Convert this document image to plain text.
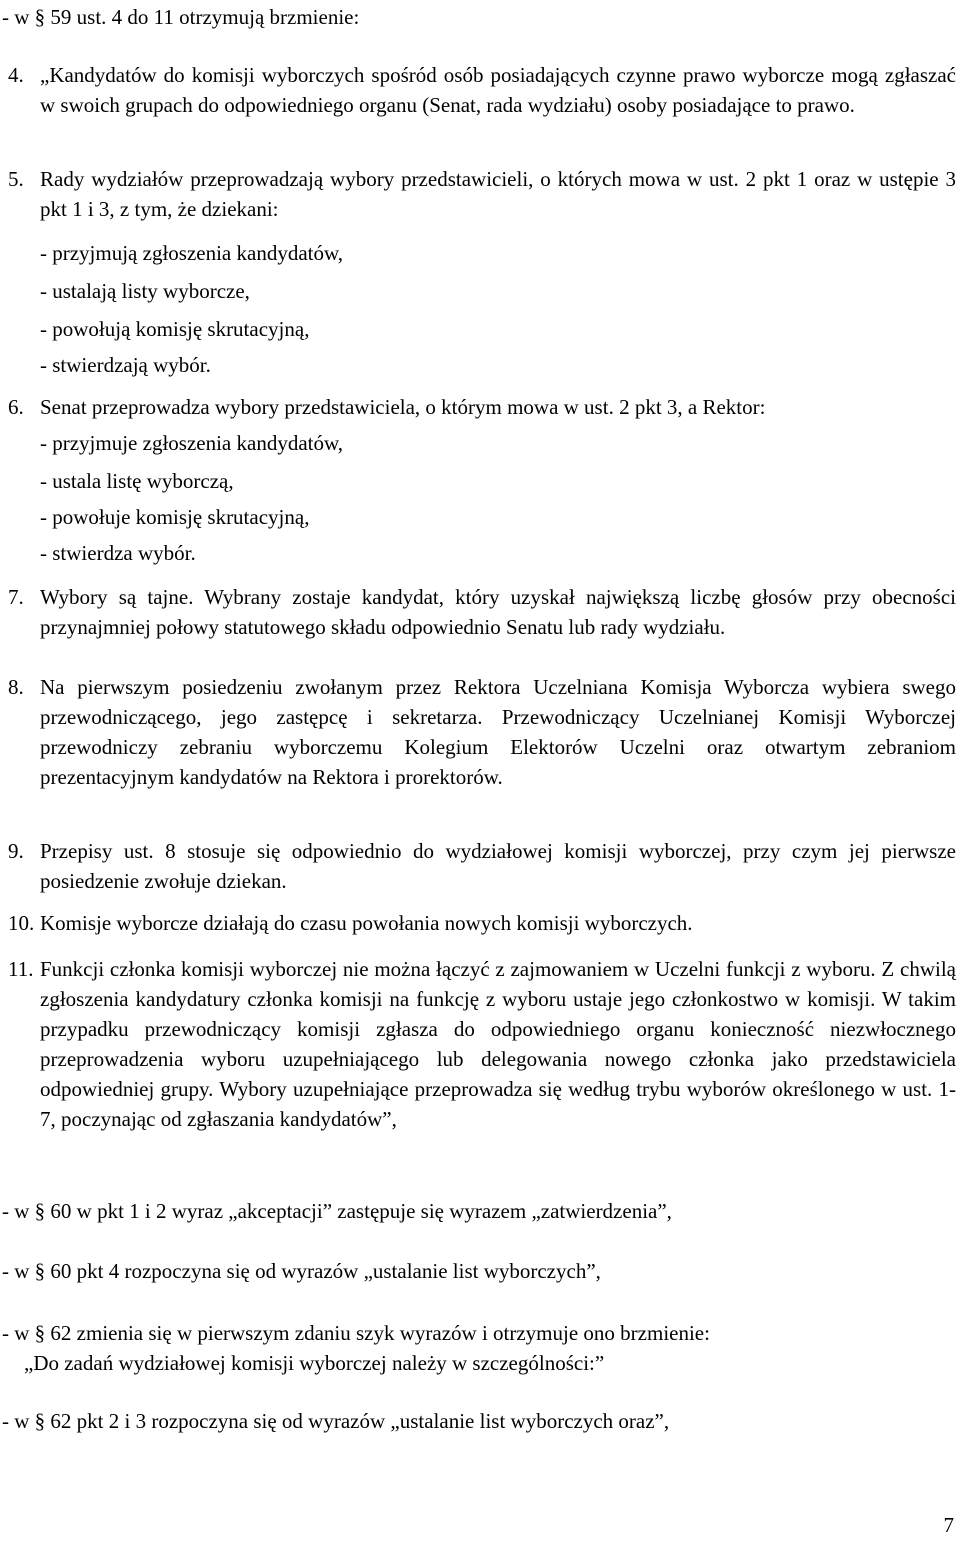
- w § 59 ust. 4 do 11 otrzymują brzmienie:
4. „Kandydatów do komisji wyborczych spośród osób posiadających czynne prawo wyborcze mogą zgłaszać w swoich grupach do odpowiedniego organu (Senat, rada wydziału) osoby posiadające to prawo.
5. Rady wydziałów przeprowadzają wybory przedstawicieli, o których mowa w ust. 2 pkt 1 oraz w ustępie 3 pkt 1 i 3, z tym, że dziekani:
- przyjmują zgłoszenia kandydatów,
- ustalają listy wyborcze,
- powołują komisję skrutacyjną,
- stwierdzają wybór.
6. Senat przeprowadza wybory przedstawiciela, o którym mowa w ust. 2 pkt 3, a Rektor:
- przyjmuje zgłoszenia kandydatów,
- ustala listę wyborczą,
- powołuje komisję skrutacyjną,
- stwierdza wybór.
7. Wybory są tajne. Wybrany zostaje kandydat, który uzyskał największą liczbę głosów przy obecności przynajmniej połowy statutowego składu odpowiednio Senatu lub rady wydziału.
8. Na pierwszym posiedzeniu zwołanym przez Rektora Uczelniana Komisja Wyborcza wybiera swego przewodniczącego, jego zastępcę i sekretarza. Przewodniczący Uczelnianej Komisji Wyborczej przewodniczy zebraniu wyborczemu Kolegium Elektorów Uczelni oraz otwartym zebraniom prezentacyjnym kandydatów na Rektora i prorektorów.
9. Przepisy ust. 8 stosuje się odpowiednio do wydziałowej komisji wyborczej, przy czym jej pierwsze posiedzenie zwołuje dziekan.
10. Komisje wyborcze działają do czasu powołania nowych komisji wyborczych.
11. Funkcji członka komisji wyborczej nie można łączyć z zajmowaniem w Uczelni funkcji z wyboru. Z chwilą zgłoszenia kandydatury członka komisji na funkcję z wyboru ustaje jego członkostwo w komisji. W takim przypadku przewodniczący komisji zgłasza do odpowiedniego organu konieczność niezwłocznego przeprowadzenia wyboru uzupełniającego lub delegowania nowego członka jako przedstawiciela odpowiedniej grupy. Wybory uzupełniające przeprowadza się według trybu wyborów określonego w ust. 1-7, poczynając od zgłaszania kandydatów”,
- w § 60 w pkt 1 i 2 wyraz „akceptacji” zastępuje się wyrazem „zatwierdzenia”,
- w § 60 pkt 4 rozpoczyna się od wyrazów „ustalanie list wyborczych”,
- w § 62 zmienia się w pierwszym zdaniu szyk wyrazów i otrzymuje ono brzmienie:
„Do zadań wydziałowej komisji wyborczej należy w szczególności:”
- w § 62 pkt 2 i 3 rozpoczyna się od wyrazów „ustalanie list wyborczych oraz”,
7
